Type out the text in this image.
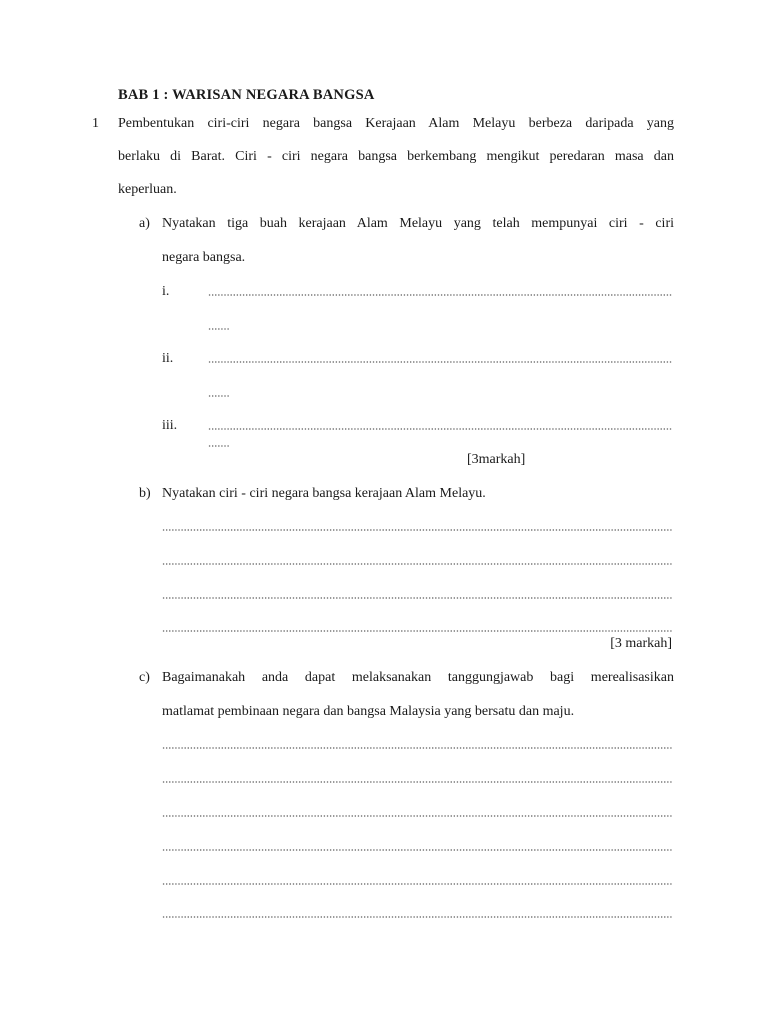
BAB 1 : WARISAN NEGARA BANGSA
1 Pembentukan ciri-ciri negara bangsa Kerajaan Alam Melayu berbeza daripada yang
berlaku di Barat. Ciri - ciri negara bangsa berkembang mengikut peredaran masa dan
keperluan.
a) Nyatakan tiga buah kerajaan Alam Melayu yang telah mempunyai ciri - ciri
negara bangsa.
i.
ii.
iii.
[3markah]
b) Nyatakan ciri - ciri negara bangsa kerajaan Alam Melayu.
[3 markah]
c) Bagaimanakah anda dapat melaksanakan tanggungjawab bagi merealisasikan
matlamat pembinaan negara dan bangsa Malaysia yang bersatu dan maju.
